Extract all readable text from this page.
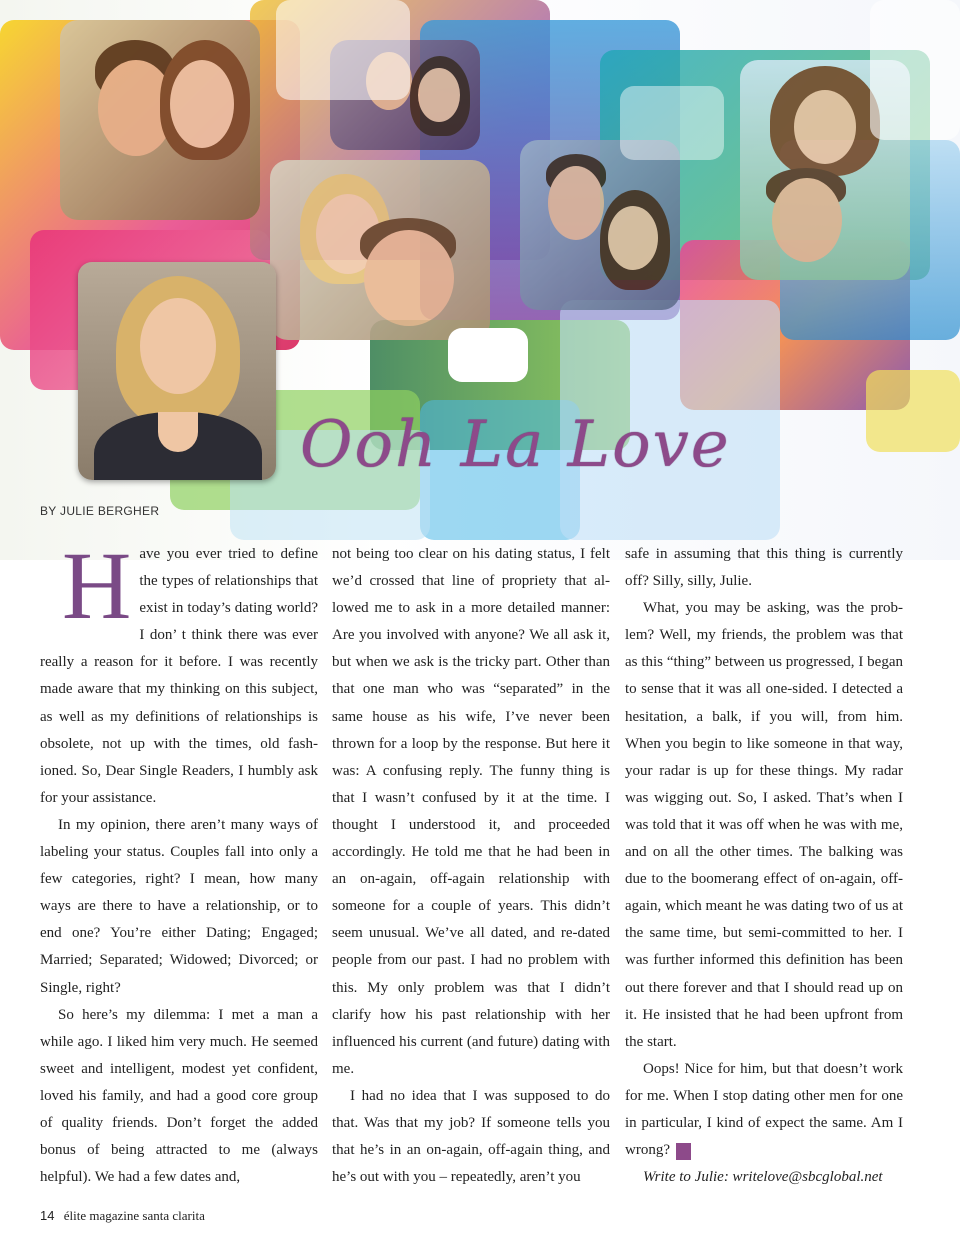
Ooh La Love
BY JULIE BERGHER

Have you ever tried to define the types of relationships that exist in today’s dating world? I don’ t think there was ever really a reason for it before. I was recently made aware that my thinking on this subject, as well as my definitions of relationships is obsolete, not up with the times, old fash-ioned. So, Dear Single Readers, I humbly ask for your assistance.

In my opinion, there aren’t many ways of labeling your status. Couples fall into only a few categories, right? I mean, how many ways are there to have a relationship, or to end one? You’re either Dating; Engaged; Married; Separated; Widowed; Divorced; or Single, right?

So here’s my dilemma: I met a man a while ago. I liked him very much. He seemed sweet and intelligent, modest yet confident, loved his family, and had a good core group of quality friends. Don’t forget the added bonus of being attracted to me (always helpful). We had a few dates and,

not being too clear on his dating status, I felt we’d crossed that line of propriety that al-lowed me to ask in a more detailed manner: Are you involved with anyone? We all ask it, but when we ask is the tricky part. Other than that one man who was “separated” in the same house as his wife, I’ve never been thrown for a loop by the response. But here it was: A confusing reply. The funny thing is that I wasn’t confused by it at the time. I thought I understood it, and proceeded accordingly. He told me that he had been in an on-again, off-again relationship with someone for a couple of years. This didn’t seem unusual. We’ve all dated, and re-dated people from our past. I had no problem with this. My only problem was that I didn’t clarify how his past relationship with her influenced his current (and future) dating with me.

I had no idea that I was supposed to do that. Was that my job? If someone tells you that he’s in an on-again, off-again thing, and he’s out with you – repeatedly, aren’t you

safe in assuming that this thing is currently off? Silly, silly, Julie.

What, you may be asking, was the prob-lem? Well, my friends, the problem was that as this “thing” between us progressed, I began to sense that it was all one-sided. I detected a hesitation, a balk, if you will, from him. When you begin to like someone in that way, your radar is up for these things. My radar was wigging out. So, I asked. That’s when I was told that it was off when he was with me, and on all the other times. The balking was due to the boomerang effect of on-again, off-again, which meant he was dating two of us at the same time, but semi-committed to her. I was further informed this definition has been out there forever and that I should read up on it. He insisted that he had been upfront from the start.

Oops! Nice for him, but that doesn’t work for me. When I stop dating other men for one in particular, I kind of expect the same. Am I wrong? é

Write to Julie: writelove@sbcglobal.net

14 élite magazine santa clarita
